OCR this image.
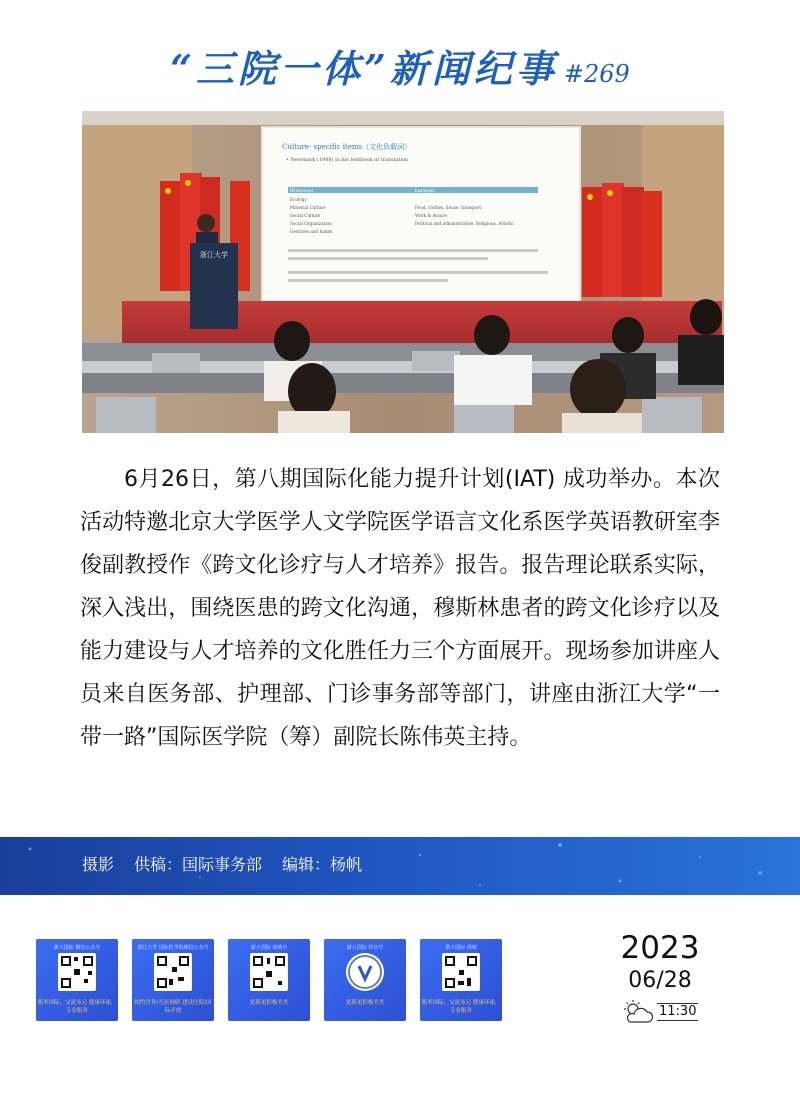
“三院一体”新闻纪事 #269
Culture- specific items（文化负载词）
• Newmark (1988) in his textbook of translation
Dimensions	Examples
Ecology
Material Culture	Food, clothes, house, transport
Social Culture	Work & leisure
Social Organization	Political and administrative, Religious, Artistic
Gestures and habits
浙江大学
6月26日，第八期国际化能力提升计划(IAT) 成功举办。本次活动特邀北京大学医学人文学院医学语言文化系医学英语教研室李俊副教授作《跨文化诊疗与人才培养》报告。报告理论联系实际，深入浅出，围绕医患的跨文化沟通，穆斯林患者的跨文化诊疗以及能力建设与人才培养的文化胜任力三个方面展开。现场参加讲座人员来自医务部、护理部、门诊事务部等部门，讲座由浙江大学“一带一路”国际医学院（筹）副院长陈伟英主持。
摄影 供稿：国际事务部 编辑：杨帆
浙大国际 微信公众号
服务国际，交流多元 健康环球，专业服务
浙江大学 国际医学院微信公众号
相约世界/互医网联 建设医院/国际开放
浙大国际 视频号
更新更积极美美
浙大国际 抖音号
更新更积极美美
浙大国际 视频
服务国际，交流多元 健康环球，专业服务
2023
06/28
11:30
